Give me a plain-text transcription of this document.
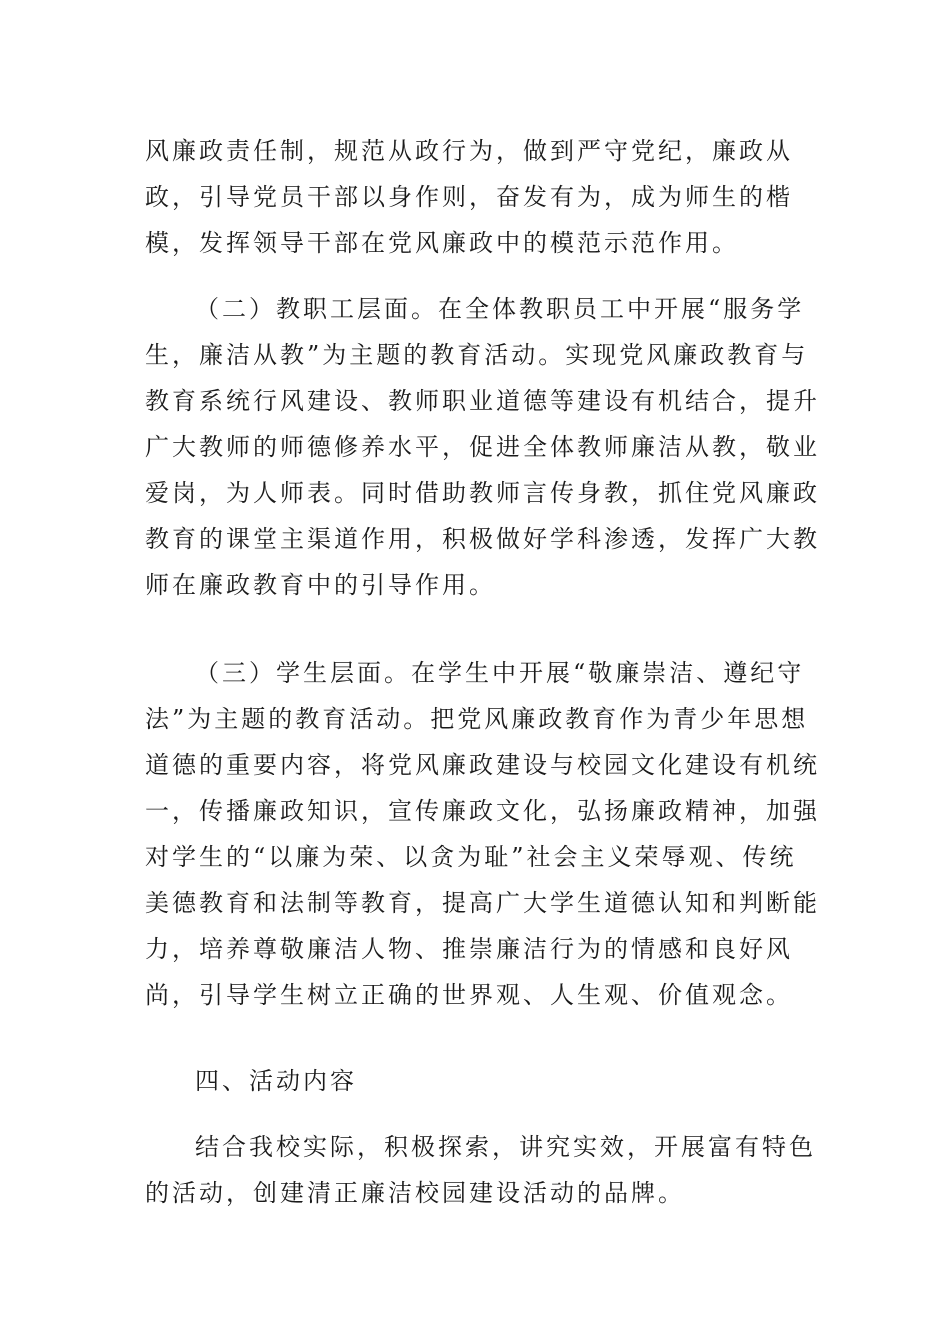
风廉政责任制，规范从政行为，做到严守党纪，廉政从
政，引导党员干部以身作则，奋发有为，成为师生的楷
模，发挥领导干部在党风廉政中的模范示范作用。

（二）教职工层面。在全体教职员工中开展“服务学
生，廉洁从教”为主题的教育活动。实现党风廉政教育与
教育系统行风建设、教师职业道德等建设有机结合，提升
广大教师的师德修养水平，促进全体教师廉洁从教，敬业
爱岗，为人师表。同时借助教师言传身教，抓住党风廉政
教育的课堂主渠道作用，积极做好学科渗透，发挥广大教
师在廉政教育中的引导作用。

（三）学生层面。在学生中开展“敬廉崇洁、遵纪守
法”为主题的教育活动。把党风廉政教育作为青少年思想
道德的重要内容，将党风廉政建设与校园文化建设有机统
一，传播廉政知识，宣传廉政文化，弘扬廉政精神，加强
对学生的“以廉为荣、以贪为耻”社会主义荣辱观、传统
美德教育和法制等教育，提高广大学生道德认知和判断能
力，培养尊敬廉洁人物、推崇廉洁行为的情感和良好风
尚，引导学生树立正确的世界观、人生观、价值观念。

四、活动内容

结合我校实际，积极探索，讲究实效，开展富有特色
的活动，创建清正廉洁校园建设活动的品牌。
